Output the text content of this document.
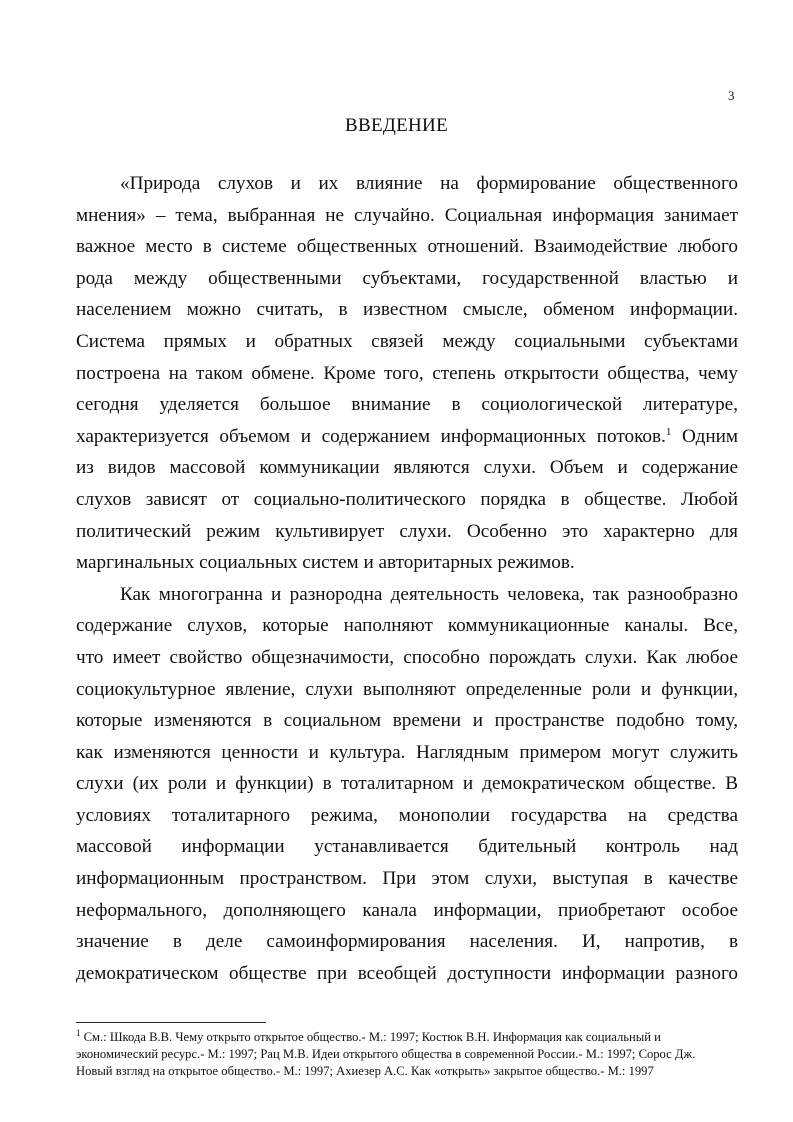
3
ВВЕДЕНИЕ
«Природа слухов и их влияние на формирование общественного
мнения» – тема, выбранная не случайно. Социальная информация занимает
важное место в системе общественных отношений. Взаимодействие любого
рода между общественными субъектами, государственной властью и
населением можно считать, в известном смысле, обменом информации.
Система прямых и обратных связей между социальными субъектами
построена на таком обмене. Кроме того, степень открытости общества, чему
сегодня уделяется большое внимание в социологической литературе,
характеризуется объемом и содержанием информационных потоков.$^1$ Одним
из видов массовой коммуникации являются слухи. Объем и содержание
слухов зависят от социально-политического порядка в обществе. Любой
политический режим культивирует слухи. Особенно это характерно для
маргинальных социальных систем и авторитарных режимов.
Как многогранна и разнородна деятельность человека, так разнообразно
содержание слухов, которые наполняют коммуникационные каналы. Все,
что имеет свойство общезначимости, способно порождать слухи. Как любое
социокультурное явление, слухи выполняют определенные роли и функции,
которые изменяются в социальном времени и пространстве подобно тому,
как изменяются ценности и культура. Наглядным примером могут служить
слухи (их роли и функции) в тоталитарном и демократическом обществе. В
условиях тоталитарного режима, монополии государства на средства
массовой информации устанавливается бдительный контроль над
информационным пространством. При этом слухи, выступая в качестве
неформального, дополняющего канала информации, приобретают особое
значение в деле самоинформирования населения. И, напротив, в
демократическом обществе при всеобщей доступности информации разного
$^1$ См.: Шкода В.В. Чему открыто открытое общество.- М.: 1997; Костюк В.Н. Информация как социальный и
экономический ресурс.- М.: 1997; Рац М.В. Идеи открытого общества в современной России.- М.: 1997; Сорос Дж.
Новый взгляд на открытое общество.- М.: 1997; Ахиезер А.С. Как «открыть» закрытое общество.- М.: 1997
